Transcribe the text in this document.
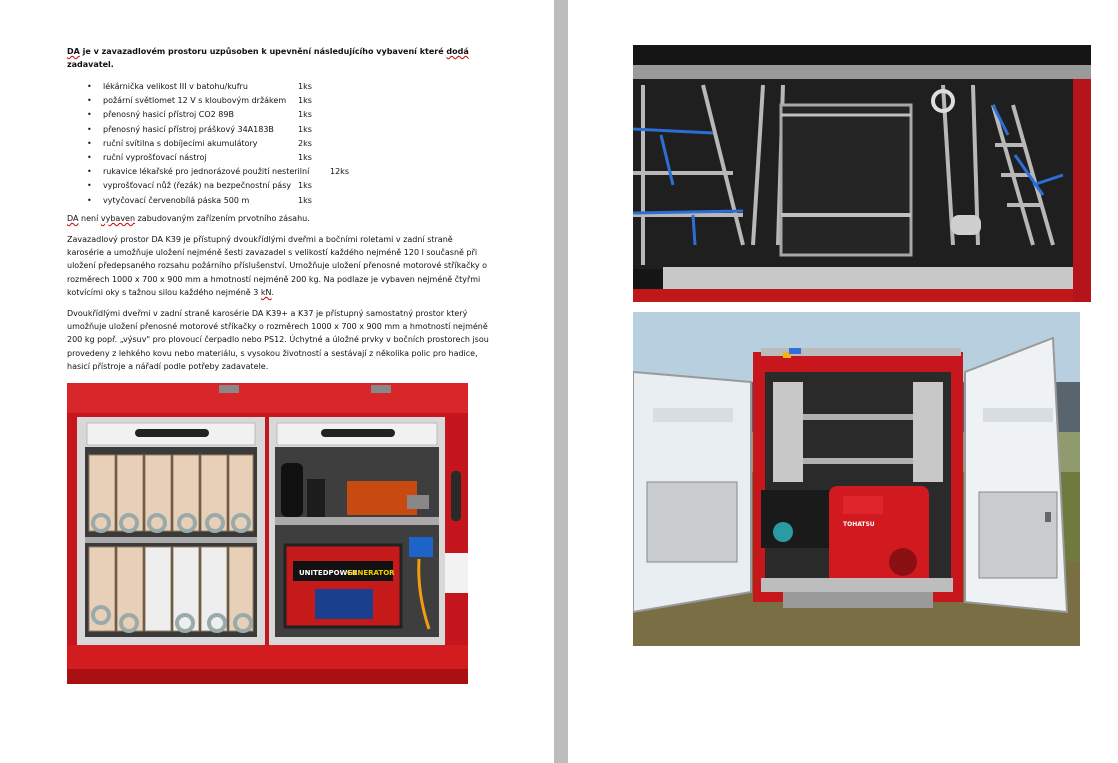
DA je v zavazadlovém prostoru uzpůsoben k upevnění následujícího vybavení které dodá zadavatel.
• lékárnička velikost III v batohu/kufru	1ks
• požární světlomet 12 V s kloubovým držákem 1ks
• přenosný hasicí přístroj CO2 89B	1ks
• přenosný hasicí přístroj práškový 34A183B	1ks
• ruční svítilna s dobíjecími akumulátory	2ks
• ruční vyprošťovací nástroj	1ks
• rukavice lékařské pro jednorázové použití nesterilní	12ks
• vyprošťovací nůž (řezák) na bezpečnostní pásy 1ks
• vytyčovací červenobílá páska 500 m	1ks
DA není vybaven zabudovaným zařízením prvotního zásahu.
Zavazadlový prostor DA K39 je přístupný dvoukřídlými dveřmi a bočními roletami v zadní straně karosérie a umožňuje uložení nejméně šesti zavazadel s velikostí každého nejméně 120 l současně při uložení předepsaného rozsahu požárního příslušenství. Umožňuje uložení přenosné motorové stříkačky o rozměrech 1000 x 700 x 900 mm a hmotností nejméně 200 kg. Na podlaze je vybaven nejméně čtyřmi kotvícími oky s tažnou silou každého nejméně 3 kN.
Dvoukřídlými dveřmi v zadní straně karosérie DA K39+ a K37 je přístupný samostatný prostor který umožňuje uložení přenosné motorové stříkačky o rozměrech 1000 x 700 x 900 mm a hmotností nejméně 200 kg popř. „výsuv" pro plovoucí čerpadlo nebo PS12. Úchytné a úložné prvky v bočních prostorech jsou provedeny z lehkého kovu nebo materiálu, s vysokou životností a sestávají z několika polic pro hadice, hasicí přístroje a nářadí podle potřeby zadavatele.
UNITEDPOWER
GENERATOR
TOHATSU
